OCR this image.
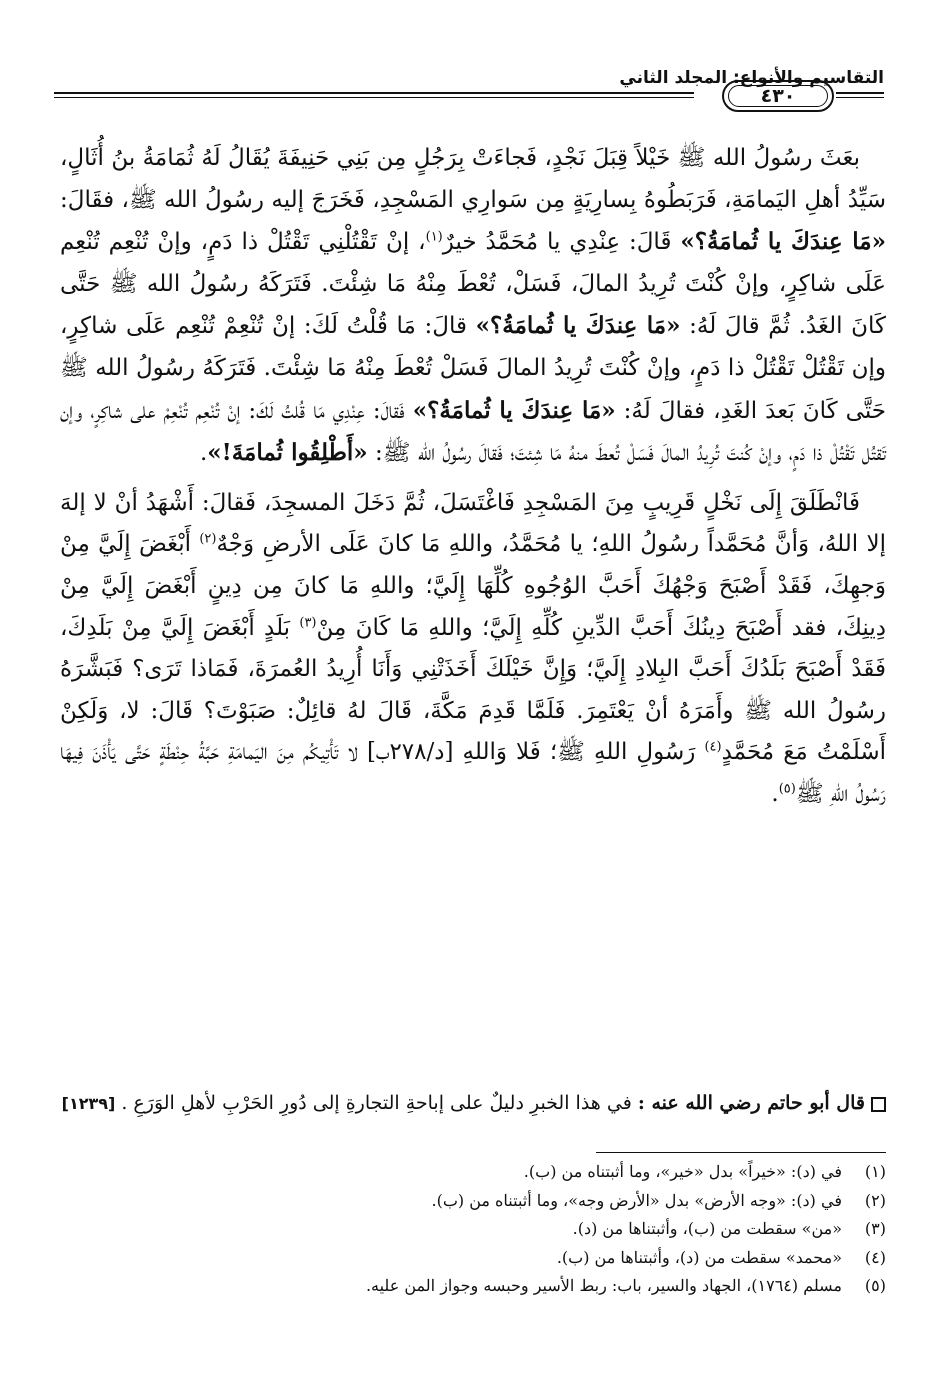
التقاسيم والأنواع: المجلد الثاني
٤٣٠

بعَثَ رسُولُ الله ﷺ خَيْلاً قِبَلَ نَجْدٍ، فَجاءَتْ بِرَجُلٍ مِن بَنِي حَنِيفَةَ يُقَالُ لَهُ ثُمَامَةُ بنُ أُثَالٍ، سَيِّدُ أهلِ اليَمامَةِ، فَرَبَطُوهُ بِسارِيَةٍ مِن سَوارِي المَسْجِدِ، فَخَرَجَ إليه رسُولُ الله ﷺ، فقَالَ: «مَا عِندَكَ يا ثُمامَةُ؟» قَالَ: عِنْدِي يا مُحَمَّدُ خيرٌ$^{(١)}$، إنْ تَقْتُلْنِي تَقْتُلْ ذا دَمٍ، وإنْ تُنْعِم تُنْعِم عَلَى شاكِرٍ، وإنْ كُنْتَ تُرِيدُ المالَ، فَسَلْ، تُعْطَ مِنْهُ مَا شِئْتَ. فَتَرَكَهُ رسُولُ الله ﷺ حَتَّى كَانَ الغَدُ. ثُمَّ قالَ لَهُ: «مَا عِندَكَ يا ثُمامَةُ؟» قالَ: مَا قُلْتُ لَكَ: إنْ تُنْعِمْ تُنْعِم عَلَى شاكِرٍ، وإن تَقْتُلْ تَقْتُلْ ذا دَمٍ، وإنْ كُنْتَ تُرِيدُ المالَ فَسَلْ تُعْطَ مِنْهُ مَا شِئْتَ. فَتَرَكَهُ رسُولُ الله ﷺ حَتَّى كَانَ بَعدَ الغَدِ، فقالَ لَهُ: «مَا عِندَكَ يا ثُمامَةُ؟» فَقالَ: عِنْدِي مَا قُلتُ لَكَ: إنْ تُنْعِم تُنْعِمْ على شاكِرٍ، وإن تَقتُل تَقْتُلْ ذا دَمٍ، وإنْ كُنتَ تُرِيدُ المالَ فَسَلْ تُعطَ منهُ مَا شِئتَ؛ فَقالَ رسُولُ الله ﷺ: «أَطْلِقُوا ثُمامَةَ!».

فَانْطَلَقَ إِلَى نَخْلٍ قَرِيبٍ مِنَ المَسْجِدِ فَاغْتَسَلَ، ثُمَّ دَخَلَ المسجِدَ، فَقالَ: أَشْهَدُ أنْ لا إلهَ إلا اللهُ، وَأنَّ مُحَمَّداً رسُولُ اللهِ؛ يا مُحَمَّدُ، واللهِ مَا كانَ عَلَى الأرضِ وَجْهٌ$^{(٢)}$ أَبْغَضَ إِلَيَّ مِنْ وَجهِكَ، فَقَدْ أَصْبَحَ وَجْهُكَ أَحَبَّ الوُجُوهِ كُلِّهَا إِلَيَّ؛ واللهِ مَا كانَ مِن دِينٍ أَبْغَضَ إِلَيَّ مِنْ دِينِكَ، فقد أَصْبَحَ دِينُكَ أَحَبَّ الدِّينِ كُلِّهِ إِلَيَّ؛ واللهِ مَا كَانَ مِنْ$^{(٣)}$ بَلَدٍ أَبْغَضَ إِلَيَّ مِنْ بَلَدِكَ، فَقَدْ أَصْبَحَ بَلَدُكَ أَحَبَّ البِلادِ إِلَيَّ؛ وَإِنَّ خَيْلَكَ أَخَذَتْنِي وَأَنَا أُرِيدُ العُمرَةَ، فَمَاذا تَرَى؟ فَبَشَّرَهُ رسُولُ الله ﷺ وأَمَرَهُ أنْ يَعْتَمِرَ. فَلَمَّا قَدِمَ مَكَّةَ، قَالَ لهُ قائِلٌ: صَبَوْتَ؟ قَالَ: لا، وَلَكِنْ أَسْلَمْتُ مَعَ مُحَمَّدٍ$^{(٤)}$ رَسُولِ اللهِ ﷺ؛ فَلا وَاللهِ [د/٢٧٨ب] لا تَأْتِيكُم مِنَ اليَمامَةِ حَبَّةُ حِنْطَةٍ حَتَّى يَأْذَنَ فِيهَا رَسُولُ اللهِ ﷺ$^{(٥)}$.

قال أبو حاتم رضي الله عنه : في هذا الخبرِ دليلٌ على إباحةِ التجارةِ إلى دُورِ الحَرْبِ لأهلِ الوَرَعِ . [١٢٣٩]
(١)في (د): «خيراً» بدل «خير»، وما أثبتناه من (ب).
(٢)في (د): «وجه الأرض» بدل «الأرض وجه»، وما أثبتناه من (ب).
(٣)«من» سقطت من (ب)، وأثبتناها من (د).
(٤)«محمد» سقطت من (د)، وأثبتناها من (ب).
(٥)مسلم (١٧٦٤)، الجهاد والسير، باب: ربط الأسير وحبسه وجواز المن عليه.
